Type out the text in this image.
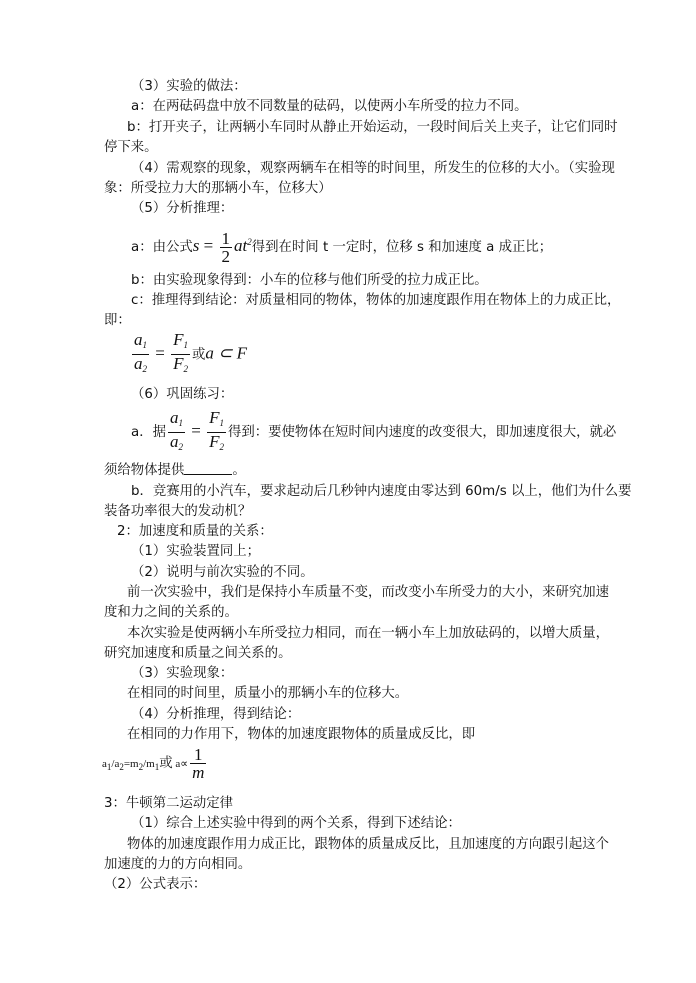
（3）实验的做法：
a：在两砝码盘中放不同数量的砝码，以使两小车所受的拉力不同。
b：打开夹子，让两辆小车同时从静止开始运动，一段时间后关上夹子，让它们同时
停下来。
（4）需观察的现象，观察两辆车在相等的时间里，所发生的位移的大小。（实验现
象：所受拉力大的那辆小车，位移大）
（5）分析推理：
a：由公式$s = \frac{1}{2} at^2$得到在时间 t 一定时，位移 s 和加速度 a 成正比；
b：由实验现象得到：小车的位移与他们所受的拉力成正比。
c：推理得到结论：对质量相同的物体，物体的加速度跟作用在物体上的力成正比，
即：
$\frac{a_1}{a_2} = \frac{F_1}{F_2}$ 或a ⊂ F
（6）巩固练习：
a．据 $\frac{a_1}{a_2} = \frac{F_1}{F_2}$ 得到：要使物体在短时间内速度的改变很大，即加速度很大，就必
须给物体提供	。
b．竞赛用的小汽车，要求起动后几秒钟内速度由零达到 60m/s 以上，他们为什么要
装备功率很大的发动机？
2：加速度和质量的关系：
（1）实验装置同上；
（2）说明与前次实验的不同。
前一次实验中，我们是保持小车质量不变，而改变小车所受力的大小，来研究加速
度和力之间的关系的。
本次实验是使两辆小车所受拉力相同，而在一辆小车上加放砝码的，以增大质量，
研究加速度和质量之间关系的。
（3）实验现象：
在相同的时间里，质量小的那辆小车的位移大。
（4）分析推理，得到结论：
在相同的力作用下，物体的加速度跟物体的质量成反比，即
$a_1/a_2=m_2/m_1$或 $a\propto \frac{1}{m}$
3：牛顿第二运动定律
（1）综合上述实验中得到的两个关系，得到下述结论：
物体的加速度跟作用力成正比，跟物体的质量成反比，且加速度的方向跟引起这个
加速度的力的方向相同。
（2）公式表示：
